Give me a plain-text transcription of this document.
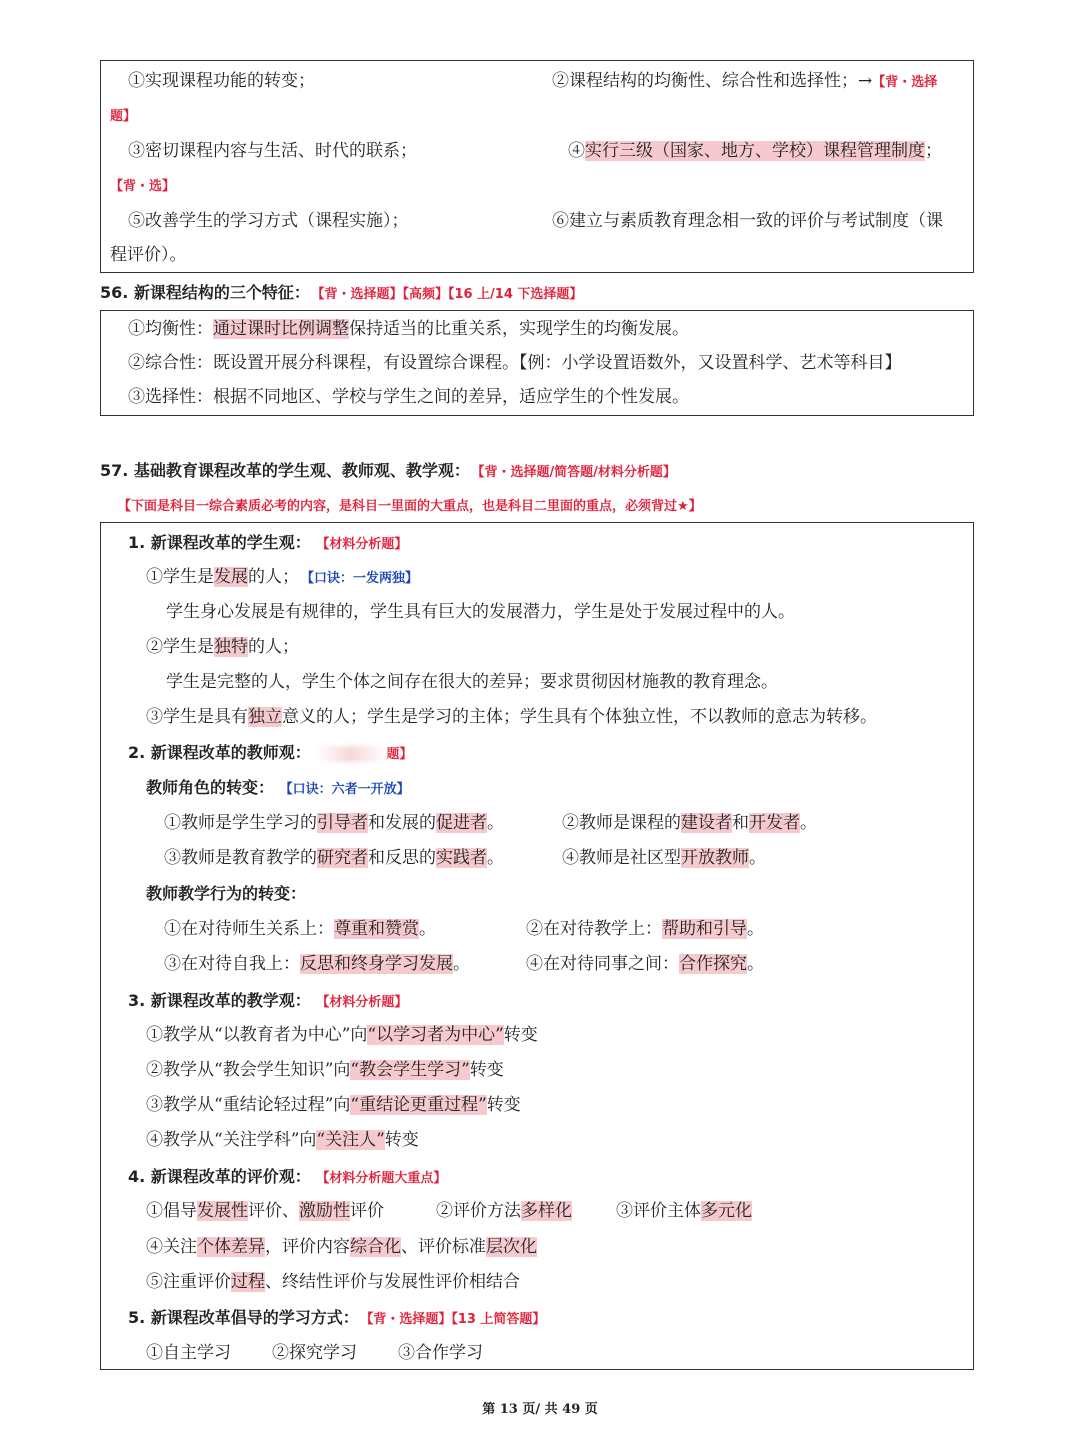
①实现课程功能的转变；	②课程结构的均衡性、综合性和选择性；→【背・选择
题】
③密切课程内容与生活、时代的联系；	④实行三级（国家、地方、学校）课程管理制度；
【背・选】
⑤改善学生的学习方式（课程实施）；	⑥建立与素质教育理念相一致的评价与考试制度（课
程评价）。
56. 新课程结构的三个特征：　 【背・选择题】【高频】【16 上/14 下选择题】
①均衡性：通过课时比例调整保持适当的比重关系，实现学生的均衡发展。
②综合性：既设置开展分科课程，有设置综合课程。【例：小学设置语数外，又设置科学、艺术等科目】
③选择性：根据不同地区、学校与学生之间的差异，适应学生的个性发展。
57. 基础教育课程改革的学生观、教师观、教学观：　 【背・选择题/简答题/材料分析题】
【下面是科目一综合素质必考的内容，是科目一里面的大重点，也是科目二里面的重点，必须背过★】
1. 新课程改革的学生观： 【材料分析题】
①学生是发展的人；　 【口诀：一发两独】
学生身心发展是有规律的，学生具有巨大的发展潜力，学生是处于发展过程中的人。
②学生是独特的人；
学生是完整的人，学生个体之间存在很大的差异；要求贯彻因材施教的教育理念。
③学生是具有独立意义的人；学生是学习的主体；学生具有个体独立性，不以教师的意志为转移。
2. 新课程改革的教师观：	题】
教师角色的转变： 【口诀：六者一开放】
①教师是学生学习的引导者和发展的促进者。	②教师是课程的建设者和开发者。
③教师是教育教学的研究者和反思的实践者。	④教师是社区型开放教师。
教师教学行为的转变：
①在对待师生关系上：尊重和赞赏。	②在对待教学上：帮助和引导。
③在对待自我上：反思和终身学习发展。	④在对待同事之间：合作探究。
3. 新课程改革的教学观： 【材料分析题】
①教学从“以教育者为中心”向“以学习者为中心”转变
②教学从“教会学生知识”向“教会学生学习”转变
③教学从“重结论轻过程”向“重结论更重过程”转变
④教学从“关注学科”向“关注人”转变
4. 新课程改革的评价观： 【材料分析题大重点】
①倡导发展性评价、激励性评价	②评价方法多样化	③评价主体多元化
④关注个体差异，评价内容综合化、评价标准层次化
⑤注重评价过程、终结性评价与发展性评价相结合
5. 新课程改革倡导的学习方式：　 【背・选择题】【13 上简答题】
①自主学习 ②探究学习 ③合作学习
第 13 页/ 共 49 页
